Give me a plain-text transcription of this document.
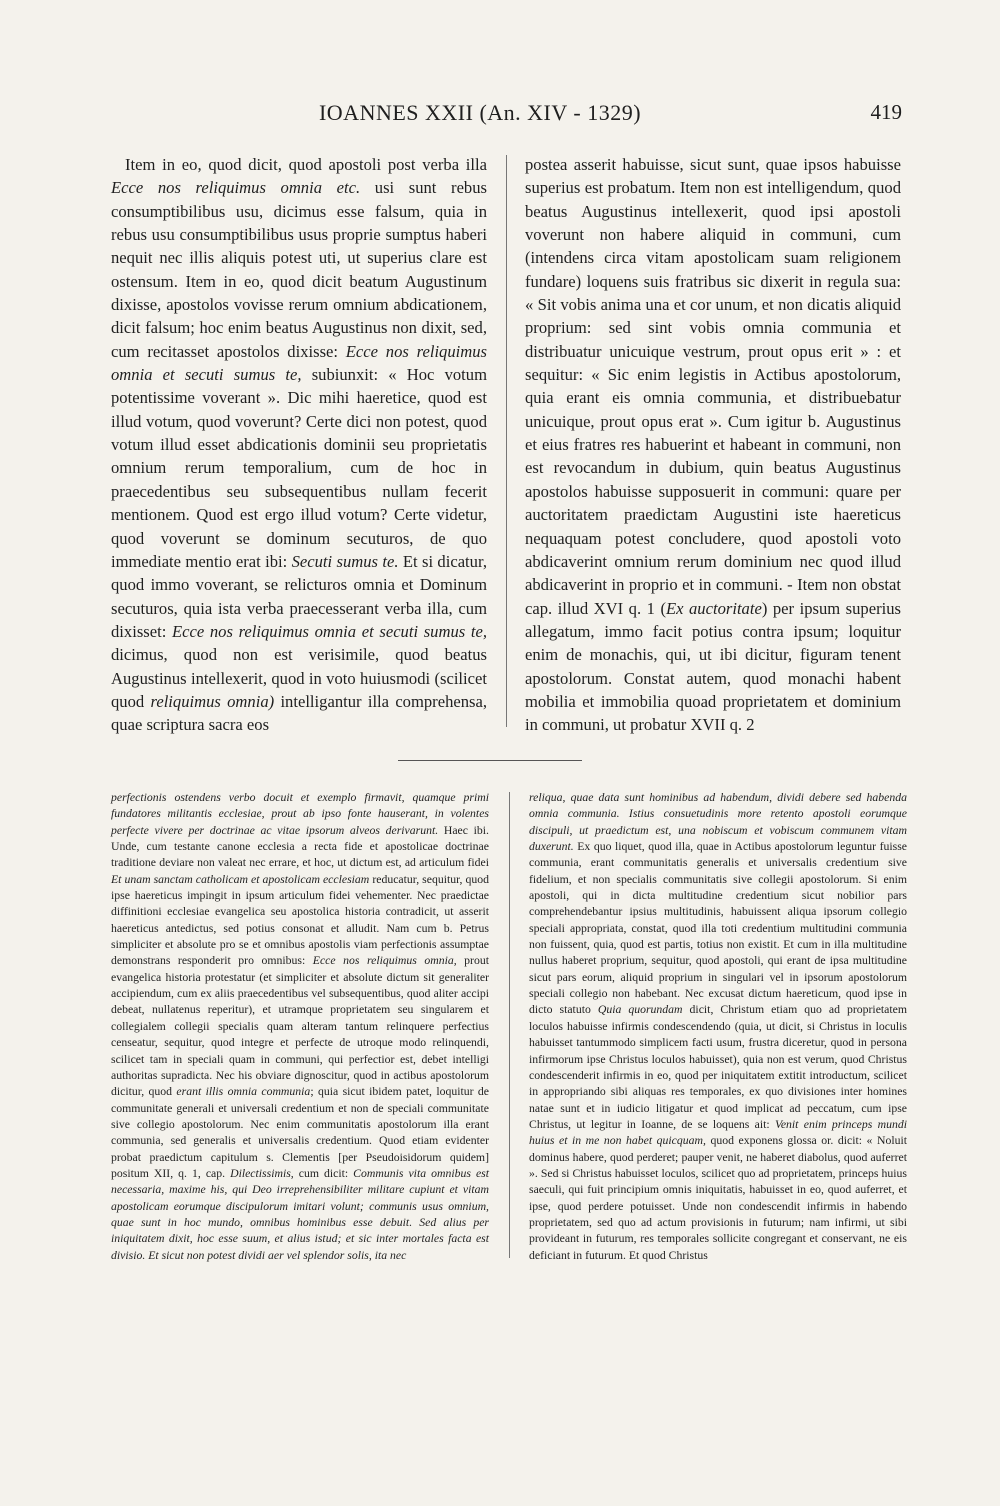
IOANNES XXII (An. XIV - 1329)	419

Item in eo, quod dicit, quod apostoli post verba illa Ecce nos reliquimus omnia etc. usi sunt rebus consumptibilibus usu, dicimus esse falsum, quia in rebus usu consumptibilibus usus proprie sumptus haberi nequit nec illis aliquis potest uti, ut superius clare est ostensum. Item in eo, quod dicit beatum Augustinum dixisse, apostolos vovisse rerum omnium abdicationem, dicit falsum; hoc enim beatus Augustinus non dixit, sed, cum recitasset apostolos dixisse: Ecce nos reliquimus omnia et secuti sumus te, subiunxit: « Hoc votum potentissime voverant ». Dic mihi haeretice, quod est illud votum, quod voverunt? Certe dici non potest, quod votum illud esset abdicationis dominii seu proprietatis omnium rerum temporalium, cum de hoc in praecedentibus seu subsequentibus nullam fecerit mentionem. Quod est ergo illud votum? Certe videtur, quod voverunt se dominum secuturos, de quo immediate mentio erat ibi: Secuti sumus te. Et si dicatur, quod immo voverant, se relicturos omnia et Dominum secuturos, quia ista verba praecesserant verba illa, cum dixisset: Ecce nos reliquimus omnia et secuti sumus te, dicimus, quod non est verisimile, quod beatus Augustinus intellexerit, quod in voto huiusmodi (scilicet quod reliquimus omnia) intelligantur illa comprehensa, quae scriptura sacra eos

postea asserit habuisse, sicut sunt, quae ipsos habuisse superius est probatum. Item non est intelligendum, quod beatus Augustinus intellexerit, quod ipsi apostoli voverunt non habere aliquid in communi, cum (intendens circa vitam apostolicam suam religionem fundare) loquens suis fratribus sic dixerit in regula sua: « Sit vobis anima una et cor unum, et non dicatis aliquid proprium: sed sint vobis omnia communia et distribuatur unicuique vestrum, prout opus erit » : et sequitur: « Sic enim legistis in Actibus apostolorum, quia erant eis omnia communia, et distribuebatur unicuique, prout opus erat ». Cum igitur b. Augustinus et eius fratres res habuerint et habeant in communi, non est revocandum in dubium, quin beatus Augustinus apostolos habuisse supposuerit in communi: quare per auctoritatem praedictam Augustini iste haereticus nequaquam potest concludere, quod apostoli voto abdicaverint omnium rerum dominium nec quod illud abdicaverint in proprio et in communi. - Item non obstat cap. illud XVI q. 1 (Ex auctoritate) per ipsum superius allegatum, immo facit potius contra ipsum; loquitur enim de monachis, qui, ut ibi dicitur, figuram tenent apostolorum. Constat autem, quod monachi habent mobilia et immobilia quoad proprietatem et dominium in communi, ut probatur XVII q. 2

perfectionis ostendens verbo docuit et exemplo firmavit, quamque primi fundatores militantis ecclesiae, prout ab ipso fonte hauserant, in volentes perfecte vivere per doctrinae ac vitae ipsorum alveos derivarunt. Haec ibi. Unde, cum testante canone ecclesia a recta fide et apostolicae doctrinae traditione deviare non valeat nec errare, et hoc, ut dictum est, ad articulum fidei Et unam sanctam catholicam et apostolicam ecclesiam reducatur, sequitur, quod ipse haereticus impingit in ipsum articulum fidei vehementer. Nec praedictae diffinitioni ecclesiae evangelica seu apostolica historia contradicit, ut asserit haereticus antedictus, sed potius consonat et alludit. Nam cum b. Petrus simpliciter et absolute pro se et omnibus apostolis viam perfectionis assumptae demonstrans responderit pro omnibus: Ecce nos reliquimus omnia, prout evangelica historia protestatur (et simpliciter et absolute dictum sit generaliter accipiendum, cum ex aliis praecedentibus vel subsequentibus, quod aliter accipi debeat, nullatenus reperitur), et utramque proprietatem seu singularem et collegialem collegii specialis quam alteram tantum relinquere perfectius censeatur, sequitur, quod integre et perfecte de utroque modo relinquendi, scilicet tam in speciali quam in communi, qui perfectior est, debet intelligi authoritas supradicta. Nec his obviare dignoscitur, quod in actibus apostolorum dicitur, quod erant illis omnia communia; quia sicut ibidem patet, loquitur de communitate generali et universali credentium et non de speciali communitate sive collegio apostolorum. Nec enim communitatis apostolorum illa erant communia, sed generalis et universalis credentium. Quod etiam evidenter probat praedictum capitulum s. Clementis [per Pseudoisidorum quidem] positum XII, q. 1, cap. Dilectissimis, cum dicit: Communis vita omnibus est necessaria, maxime his, qui Deo irreprehensibiliter militare cupiunt et vitam apostolicam eorumque discipulorum imitari volunt; communis usus omnium, quae sunt in hoc mundo, omnibus hominibus esse debuit. Sed alius per iniquitatem dixit, hoc esse suum, et alius istud; et sic inter mortales facta est divisio. Et sicut non potest dividi aer vel splendor solis, ita nec

reliqua, quae data sunt hominibus ad habendum, dividi debere sed habenda omnia communia. Istius consuetudinis more retento apostoli eorumque discipuli, ut praedictum est, una nobiscum et vobiscum communem vitam duxerunt. Ex quo liquet, quod illa, quae in Actibus apostolorum leguntur fuisse communia, erant communitatis generalis et universalis credentium sive fidelium, et non specialis communitatis sive collegii apostolorum. Si enim apostoli, qui in dicta multitudine credentium sicut nobilior pars comprehendebantur ipsius multitudinis, habuissent aliqua ipsorum collegio speciali appropriata, constat, quod illa toti credentium multitudini communia non fuissent, quia, quod est partis, totius non existit. Et cum in illa multitudine nullus haberet proprium, sequitur, quod apostoli, qui erant de ipsa multitudine sicut pars eorum, aliquid proprium in singulari vel in ipsorum apostolorum speciali collegio non habebant. Nec excusat dictum haereticum, quod ipse in dicto statuto Quia quorundam dicit, Christum etiam quo ad proprietatem loculos habuisse infirmis condescendendo (quia, ut dicit, si Christus in loculis habuisset tantummodo simplicem facti usum, frustra diceretur, quod in persona infirmorum ipse Christus loculos habuisset), quia non est verum, quod Christus condescenderit infirmis in eo, quod per iniquitatem extitit introductum, scilicet in appropriando sibi aliquas res temporales, ex quo divisiones inter homines natae sunt et in iudicio litigatur et quod implicat ad peccatum, cum ipse Christus, ut legitur in Ioanne, de se loquens ait: Venit enim princeps mundi huius et in me non habet quicquam, quod exponens glossa or. dicit: « Noluit dominus habere, quod perderet; pauper venit, ne haberet diabolus, quod auferret ». Sed si Christus habuisset loculos, scilicet quo ad proprietatem, princeps huius saeculi, qui fuit principium omnis iniquitatis, habuisset in eo, quod auferret, et ipse, quod perdere potuisset. Unde non condescendit infirmis in habendo proprietatem, sed quo ad actum provisionis in futurum; nam infirmi, ut sibi provideant in futurum, res temporales sollicite congregant et conservant, ne eis deficiant in futurum. Et quod Christus
